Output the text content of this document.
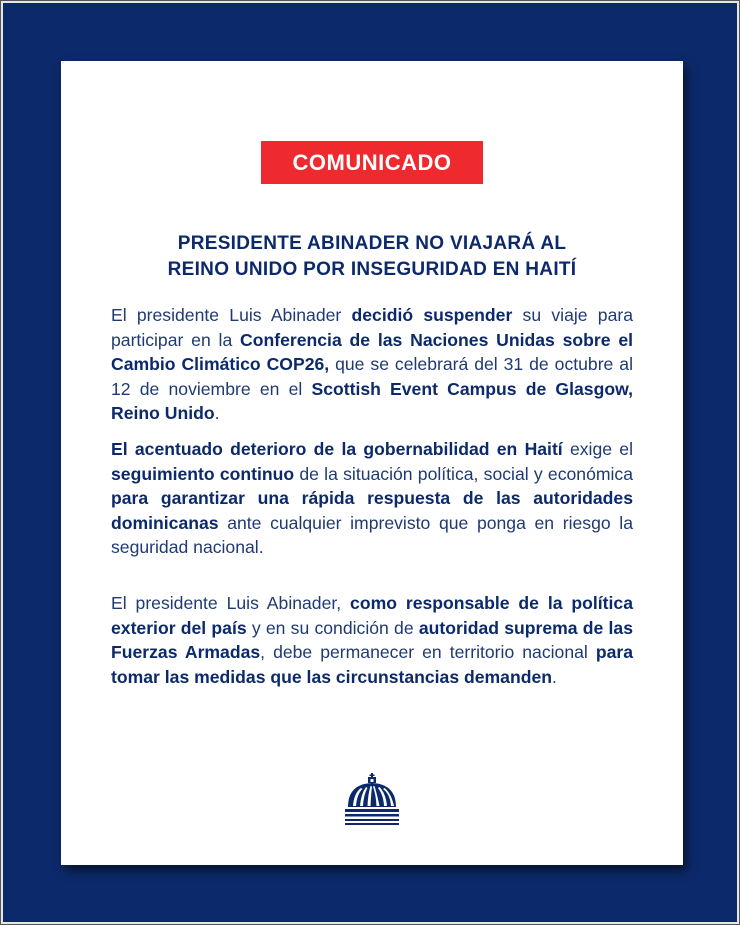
COMUNICADO
PRESIDENTE ABINADER NO VIAJARÁ AL
REINO UNIDO POR INSEGURIDAD EN HAITÍ

El presidente Luis Abinader decidió suspender su viaje para participar en la Conferencia de las Naciones Unidas sobre el Cambio Climático COP26, que se celebrará del 31 de octubre al 12 de noviembre en el Scottish Event Campus de Glasgow, Reino Unido.

El acentuado deterioro de la gobernabilidad en Haití exige el seguimiento continuo de la situación política, social y económica para garantizar una rápida respuesta de las autoridades dominicanas ante cualquier imprevisto que ponga en riesgo la seguridad nacional.

El presidente Luis Abinader, como responsable de la política exterior del país y en su condición de autoridad suprema de las Fuerzas Armadas, debe permanecer en territorio nacional para tomar las medidas que las circunstancias demanden.
